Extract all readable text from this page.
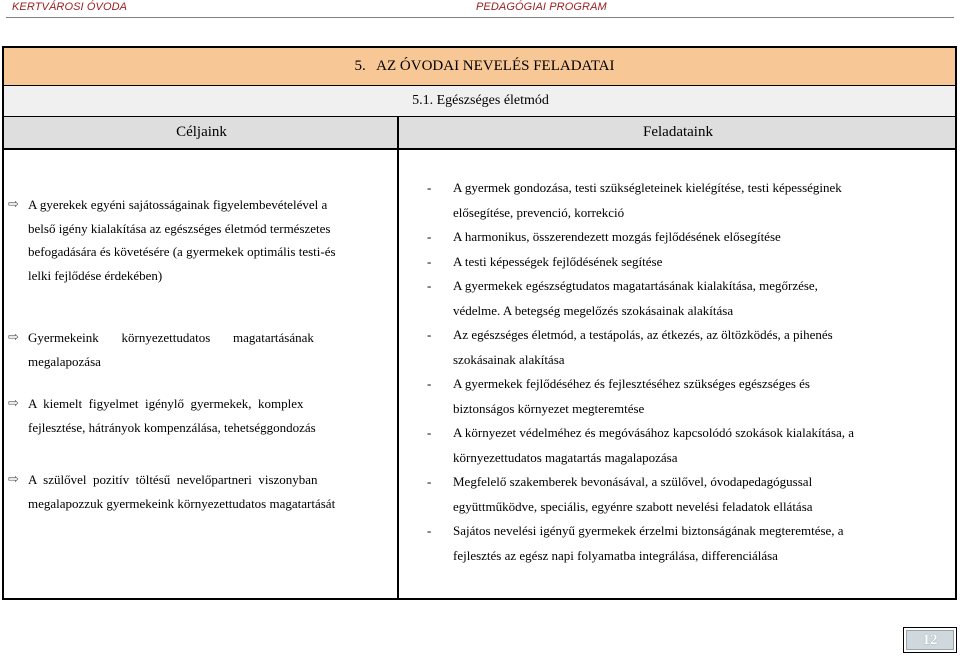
KERTVÁROSI ÓVODA	PEDAGÓGIAI PROGRAM
5.   AZ ÓVODAI NEVELÉS FELADATAI
5.1. Egészséges életmód
Céljaink	Feladataink
⇨ A gyerekek egyéni sajátosságainak figyelembevételével a
belső igény kialakítása az egészséges életmód természetes
befogadására és követésére (a gyermekek optimális testi-és
lelki fejlődése érdekében)
⇨ Gyermekeink       környezettudatos       magatartásának
megalapozása
⇨ A  kiemelt  figyelmet  igénylő  gyermekek,  komplex
fejlesztése, hátrányok kompenzálása, tehetséggondozás
⇨ A  szülővel  pozitív  töltésű  nevelőpartneri  viszonyban
megalapozzuk gyermekeink környezettudatos magatartását
- A gyermek gondozása, testi szükségleteinek kielégítése, testi képességinek
elősegítése, prevenció, korrekció
- A harmonikus, összerendezett mozgás fejlődésének elősegítése
- A testi képességek fejlődésének segítése
- A gyermekek egészségtudatos magatartásának kialakítása, megőrzése,
védelme. A betegség megelőzés szokásainak alakítása
- Az egészséges életmód, a testápolás, az étkezés, az öltözködés, a pihenés
szokásainak alakítása
- A gyermekek fejlődéséhez és fejlesztéséhez szükséges egészséges és
biztonságos környezet megteremtése
- A környezet védelméhez és megóvásához kapcsolódó szokások kialakítása, a
környezettudatos magatartás magalapozása
- Megfelelő szakemberek bevonásával, a szülővel, óvodapedagógussal
együttműködve, speciális, egyénre szabott nevelési feladatok ellátása
- Sajátos nevelési igényű gyermekek érzelmi biztonságának megteremtése, a
fejlesztés az egész napi folyamatba integrálása, differenciálása
12
